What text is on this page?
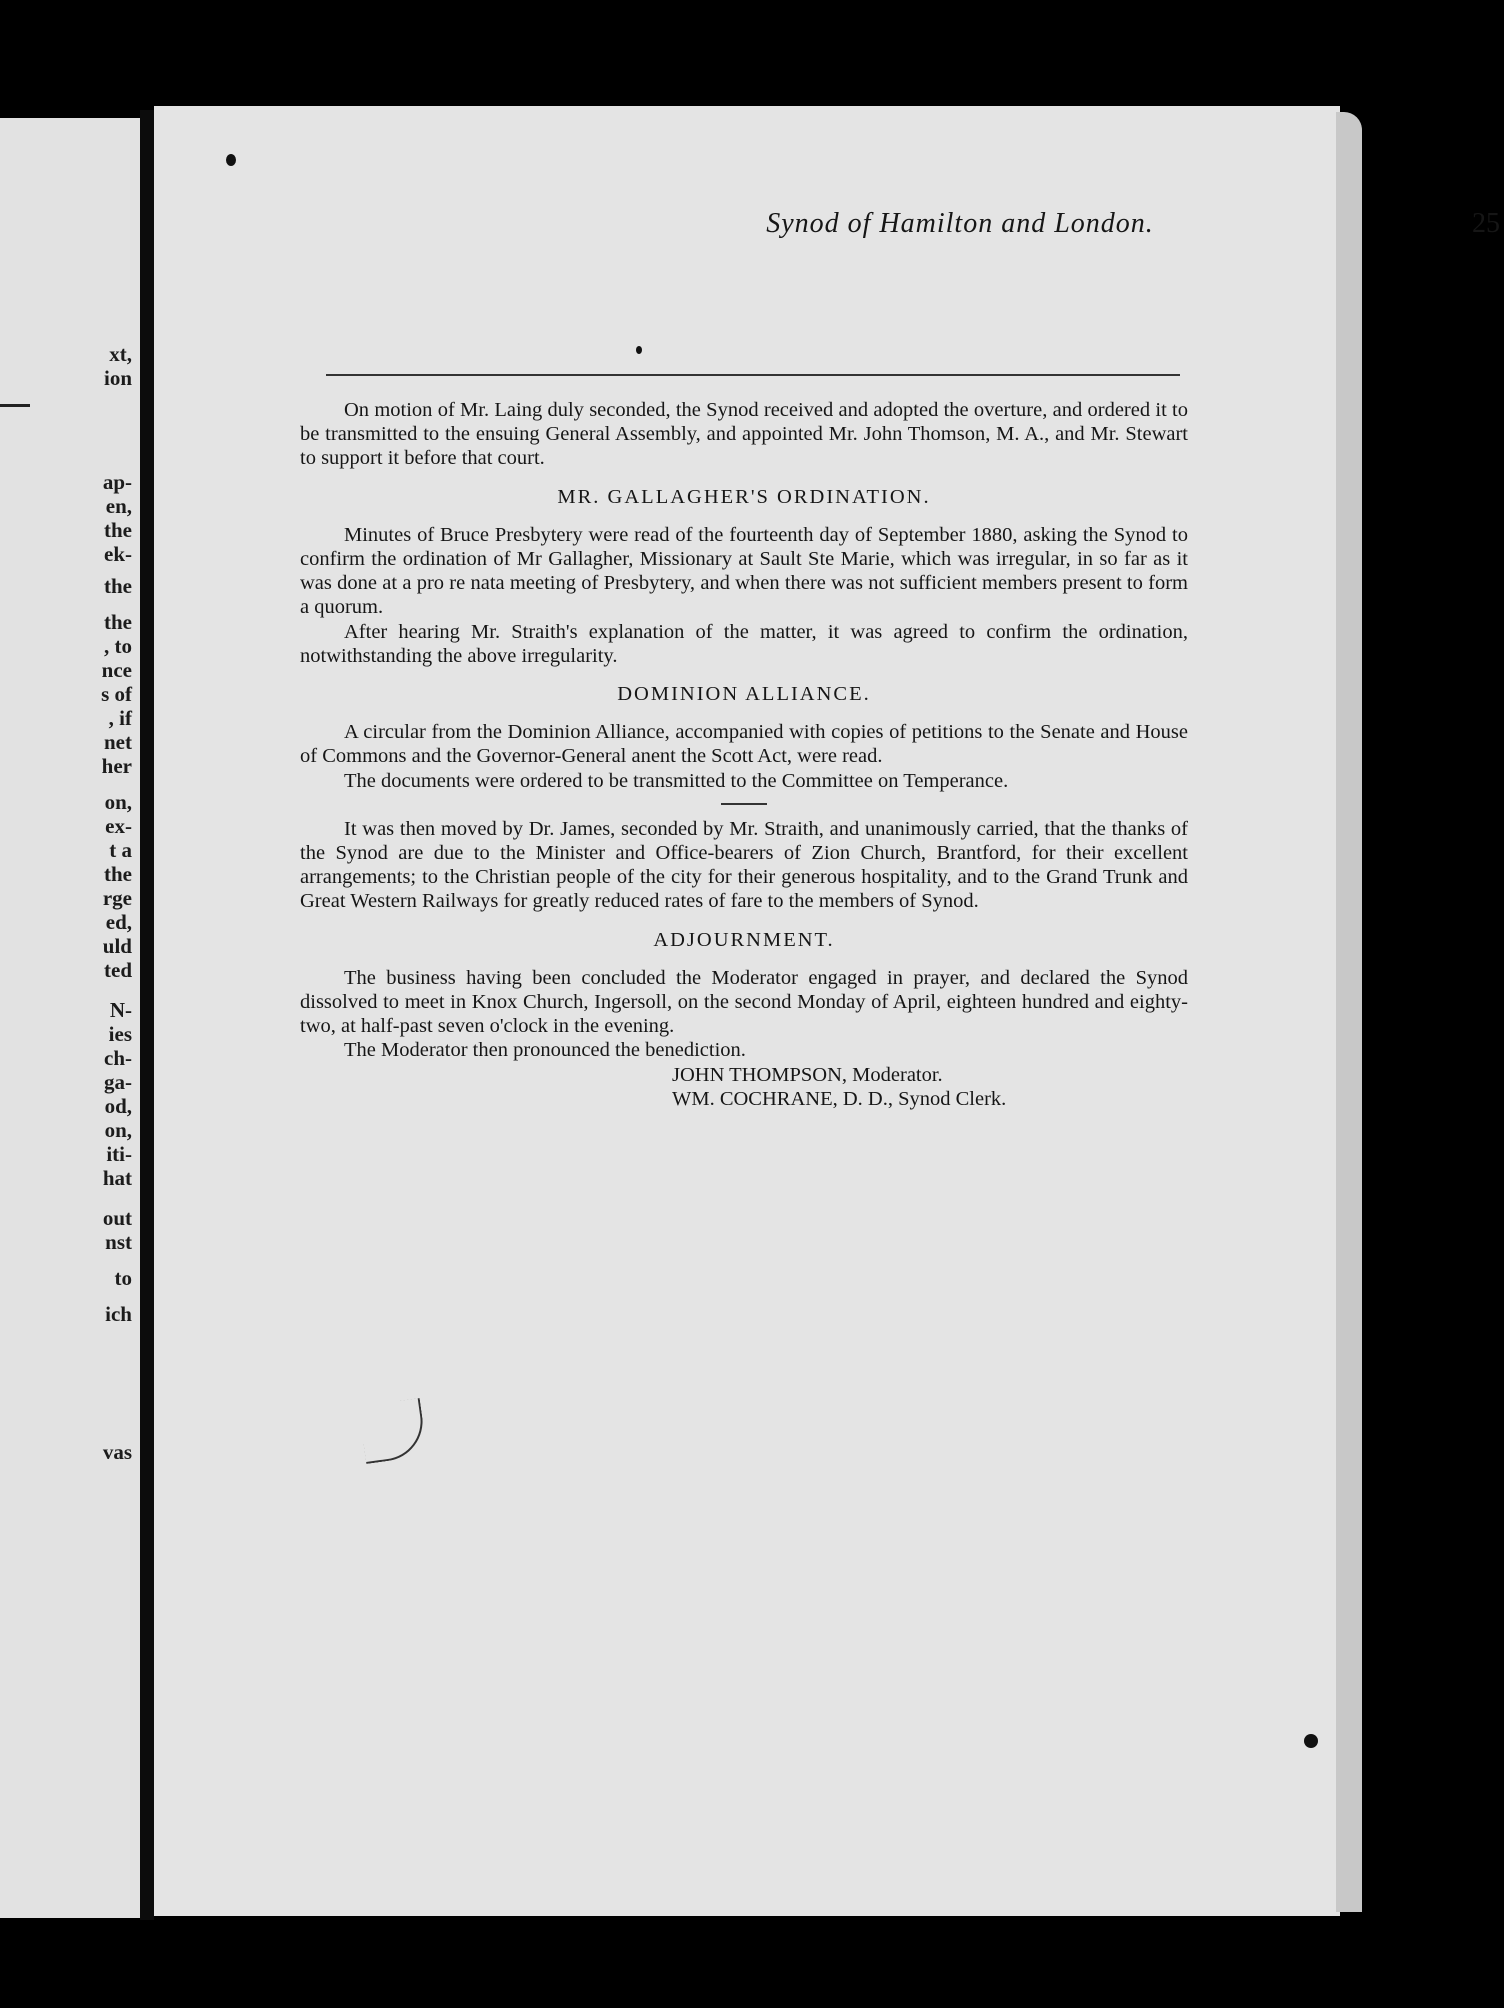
xt,
ion
ap-
en,
the
ek-
the
the
, to
nce
s of
, if
net
her
on,
ex-
t a
the
rge
ed,
uld
ted
N-
ies
ch-
ga-
od,
on,
iti-
hat
out
nst
to
ich
vas
Synod of Hamilton and London.	25

On motion of Mr. Laing duly seconded, the Synod received and adopted the overture, and ordered it to be transmitted to the ensuing General Assembly, and appointed Mr. John Thomson, M. A., and Mr. Stewart to support it before that court.

MR. GALLAGHER'S ORDINATION.

Minutes of Bruce Presbytery were read of the fourteenth day of September 1880, asking the Synod to confirm the ordination of Mr Gallagher, Missionary at Sault Ste Marie, which was irregular, in so far as it was done at a pro re nata meeting of Presbytery, and when there was not sufficient members present to form a quorum.

After hearing Mr. Straith's explanation of the matter, it was agreed to confirm the ordination, notwithstanding the above irregularity.

DOMINION ALLIANCE.

A circular from the Dominion Alliance, accompanied with copies of petitions to the Senate and House of Commons and the Governor-General anent the Scott Act, were read.

The documents were ordered to be transmitted to the Committee on Temperance.

It was then moved by Dr. James, seconded by Mr. Straith, and unanimously carried, that the thanks of the Synod are due to the Minister and Office-bearers of Zion Church, Brantford, for their excellent arrangements; to the Christian people of the city for their generous hospitality, and to the Grand Trunk and Great Western Railways for greatly reduced rates of fare to the members of Synod.

ADJOURNMENT.

The business having been concluded the Moderator engaged in prayer, and declared the Synod dissolved to meet in Knox Church, Ingersoll, on the second Monday of April, eighteen hundred and eighty-two, at half-past seven o'clock in the evening.

The Moderator then pronounced the benediction.

JOHN THOMPSON, Moderator.
WM. COCHRANE, D. D., Synod Clerk.
